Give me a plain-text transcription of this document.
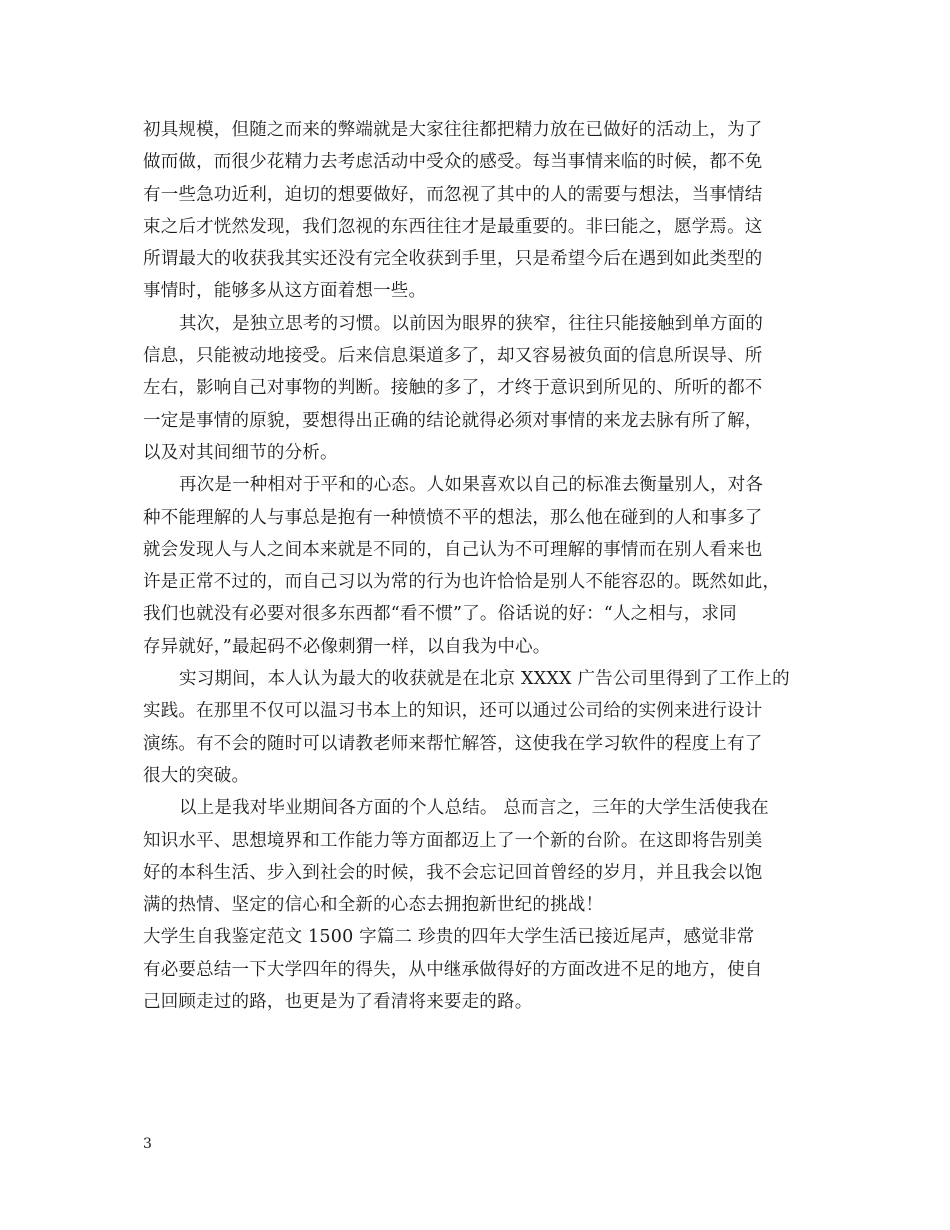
初具规模，但随之而来的弊端就是大家往往都把精力放在已做好的活动上，为了
做而做，而很少花精力去考虑活动中受众的感受。每当事情来临的时候，都不免
有一些急功近利，迫切的想要做好，而忽视了其中的人的需要与想法，当事情结
束之后才恍然发现，我们忽视的东西往往才是最重要的。非曰能之，愿学焉。这
所谓最大的收获我其实还没有完全收获到手里，只是希望今后在遇到如此类型的
事情时，能够多从这方面着想一些。
其次，是独立思考的习惯。以前因为眼界的狭窄，往往只能接触到单方面的
信息，只能被动地接受。后来信息渠道多了，却又容易被负面的信息所误导、所
左右，影响自己对事物的判断。接触的多了，才终于意识到所见的、所听的都不
一定是事情的原貌，要想得出正确的结论就得必须对事情的来龙去脉有所了解，
以及对其间细节的分析。
再次是一种相对于平和的心态。人如果喜欢以自己的标准去衡量别人，对各
种不能理解的人与事总是抱有一种愤愤不平的想法，那么他在碰到的人和事多了
就会发现人与人之间本来就是不同的，自己认为不可理解的事情而在别人看来也
许是正常不过的，而自己习以为常的行为也许恰恰是别人不能容忍的。既然如此，
我们也就没有必要对很多东西都“看不惯”了。俗话说的好：“人之相与，求同
存异就好，”最起码不必像刺猬一样，以自我为中心。
实习期间，本人认为最大的收获就是在北京 XXXX 广告公司里得到了工作上的
实践。在那里不仅可以温习书本上的知识，还可以通过公司给的实例来进行设计
演练。有不会的随时可以请教老师来帮忙解答，这使我在学习软件的程度上有了
很大的突破。
以上是我对毕业期间各方面的个人总结。 总而言之，三年的大学生活使我在
知识水平、思想境界和工作能力等方面都迈上了一个新的台阶。在这即将告别美
好的本科生活、步入到社会的时候，我不会忘记回首曾经的岁月，并且我会以饱
满的热情、坚定的信心和全新的心态去拥抱新世纪的挑战！
大学生自我鉴定范文 1500 字篇二 珍贵的四年大学生活已接近尾声，感觉非常
有必要总结一下大学四年的得失，从中继承做得好的方面改进不足的地方，使自
己回顾走过的路，也更是为了看清将来要走的路。
3
